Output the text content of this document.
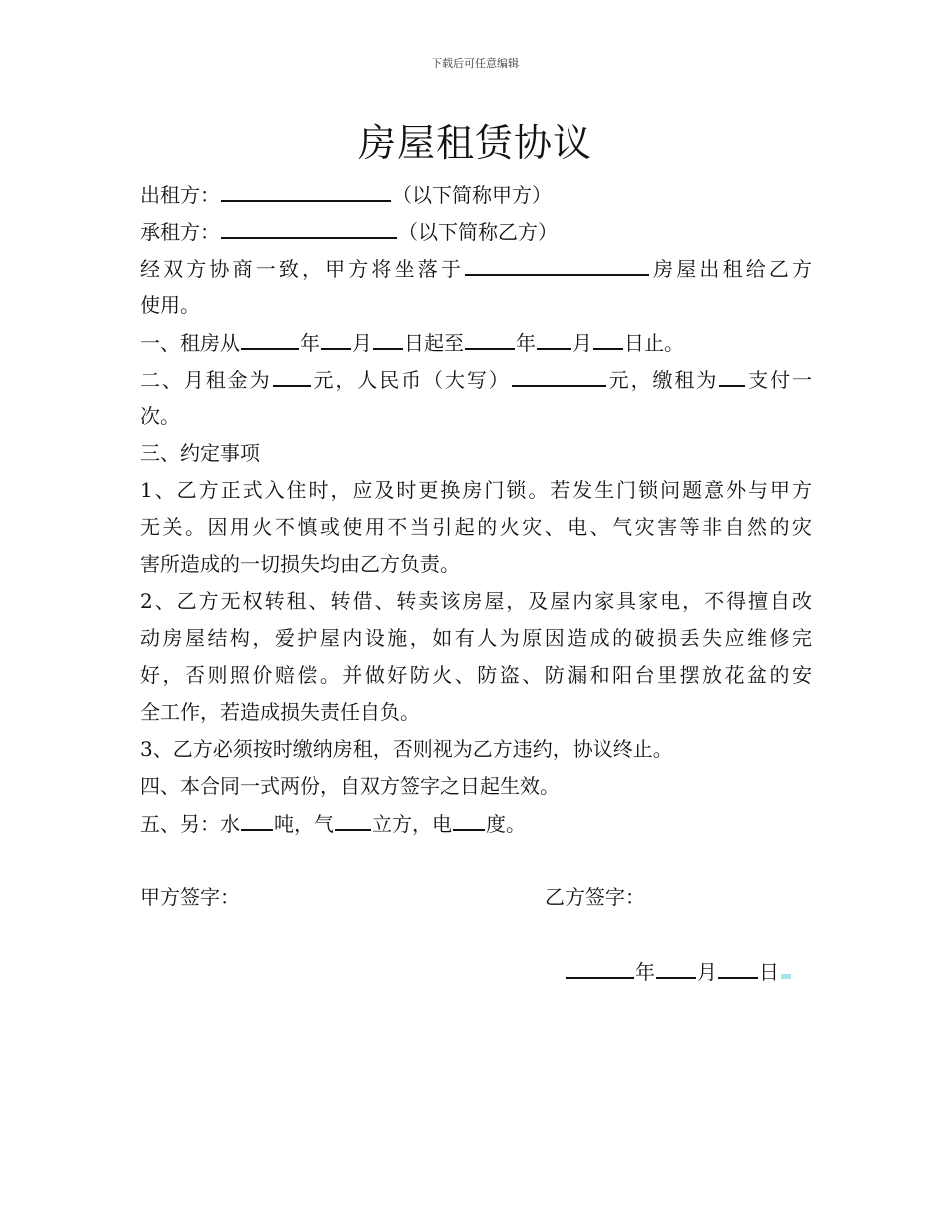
下载后可任意编辑
房屋租赁协议
出租方：	（以下简称甲方）
承租方：	（以下简称乙方）
经双方协商一致，甲方将坐落于	房屋出租给乙方
使用。
一、租房从	年 月 日起至	年 月 日止。
二、月租金为 元，人民币（大写）	元，缴租为 支付一
次。
三、约定事项
1、乙方正式入住时，应及时更换房门锁。若发生门锁问题意外与甲方
无关。因用火不慎或使用不当引起的火灾、电、气灾害等非自然的灾
害所造成的一切损失均由乙方负责。
2、乙方无权转租、转借、转卖该房屋，及屋内家具家电，不得擅自改
动房屋结构，爱护屋内设施，如有人为原因造成的破损丢失应维修完
好，否则照价赔偿。并做好防火、防盗、防漏和阳台里摆放花盆的安
全工作，若造成损失责任自负。
3、乙方必须按时缴纳房租，否则视为乙方违约，协议终止。
四、本合同一式两份，自双方签字之日起生效。
五、另：水 吨，气 立方，电 度。
甲方签字：	乙方签字：
年 月 日
